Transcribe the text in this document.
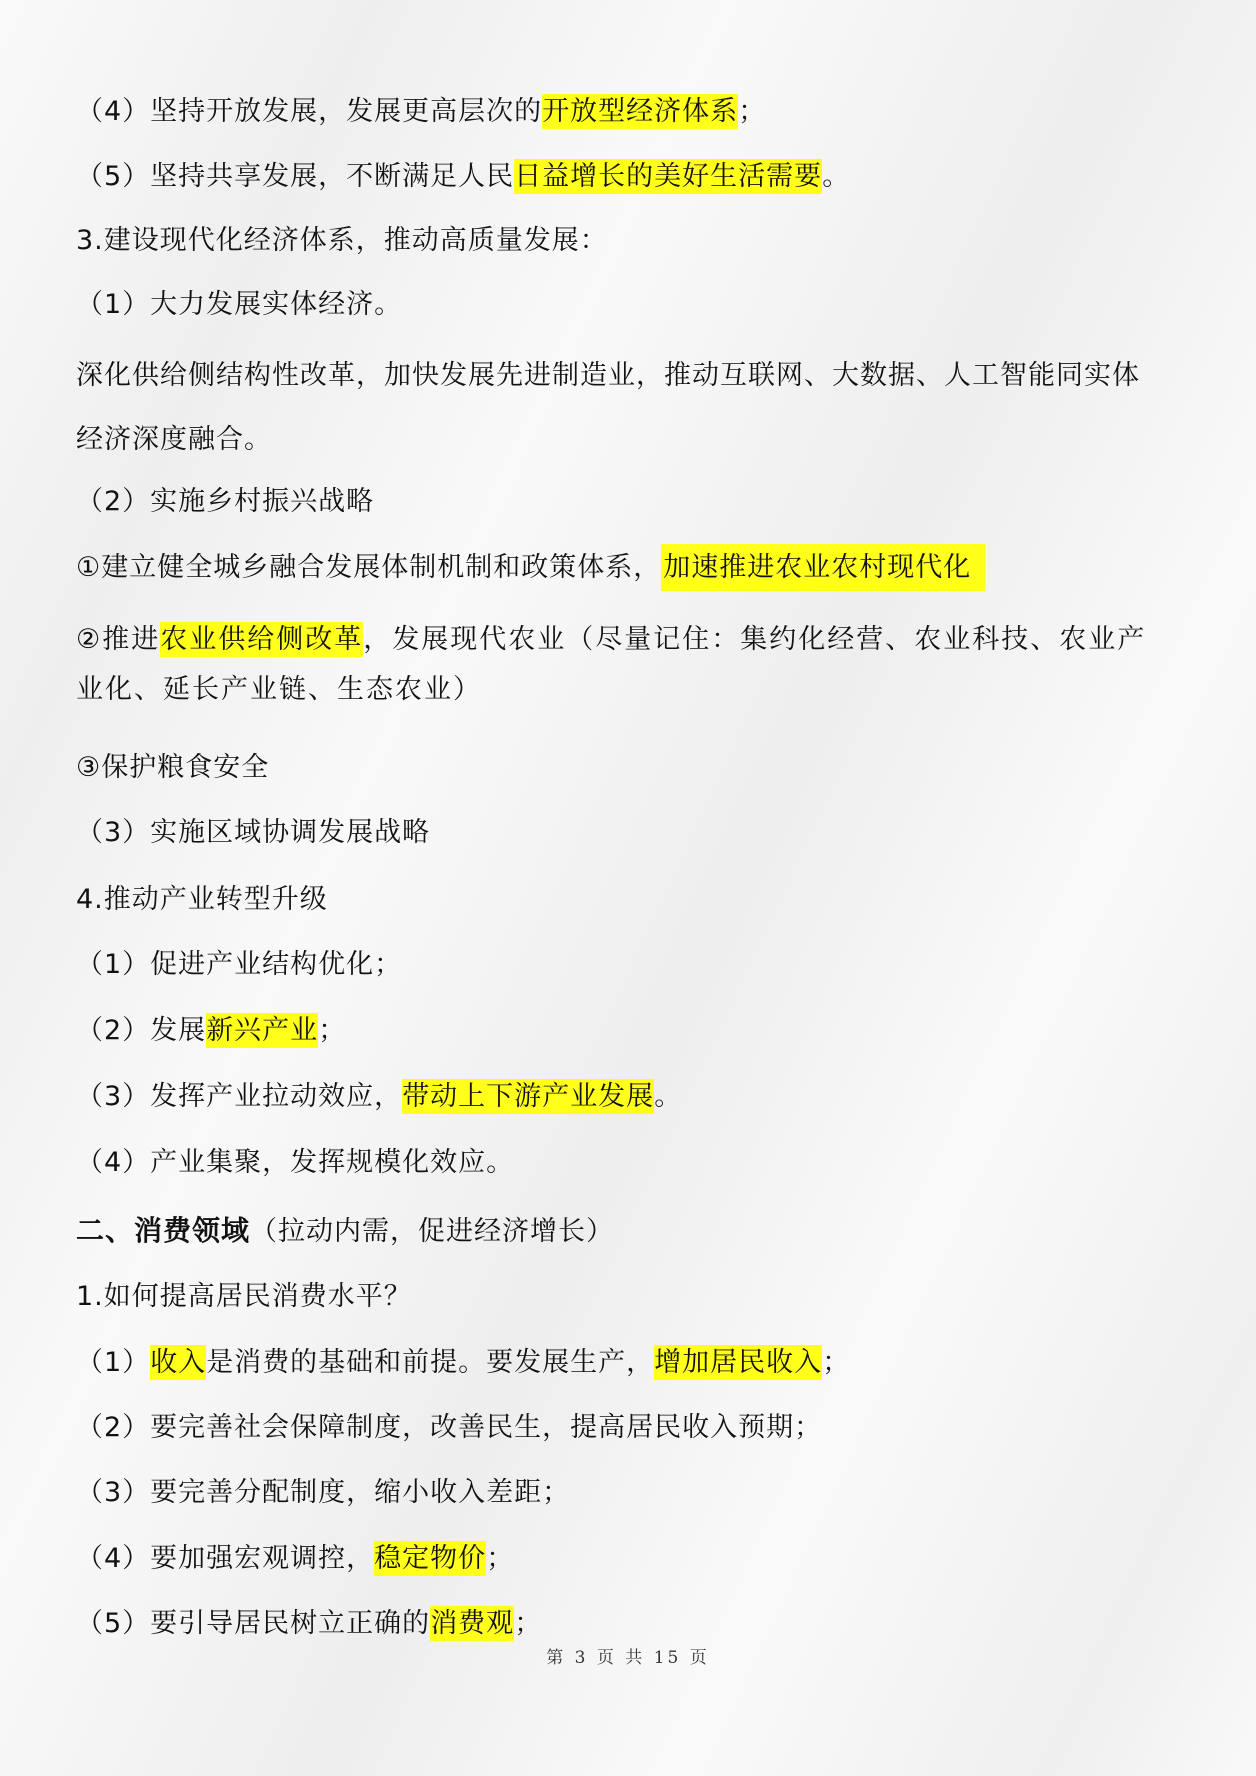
（4）坚持开放发展，发展更高层次的开放型经济体系；
（5）坚持共享发展，不断满足人民日益增长的美好生活需要。
3.建设现代化经济体系，推动高质量发展：
（1）大力发展实体经济。
深化供给侧结构性改革，加快发展先进制造业，推动互联网、大数据、人工智能同实体经济深度融合。
（2）实施乡村振兴战略
①建立健全城乡融合发展体制机制和政策体系，加速推进农业农村现代化
②推进农业供给侧改革，发展现代农业（尽量记住：集约化经营、农业科技、农业产业化、延长产业链、生态农业）
③保护粮食安全
（3）实施区域协调发展战略
4.推动产业转型升级
（1）促进产业结构优化；
（2）发展新兴产业；
（3）发挥产业拉动效应，带动上下游产业发展。
（4）产业集聚，发挥规模化效应。
二、消费领域（拉动内需，促进经济增长）
1.如何提高居民消费水平？
（1）收入是消费的基础和前提。要发展生产，增加居民收入；
（2）要完善社会保障制度，改善民生，提高居民收入预期；
（3）要完善分配制度，缩小收入差距；
（4）要加强宏观调控，稳定物价；
（5）要引导居民树立正确的消费观；
第 3 页 共 15 页
